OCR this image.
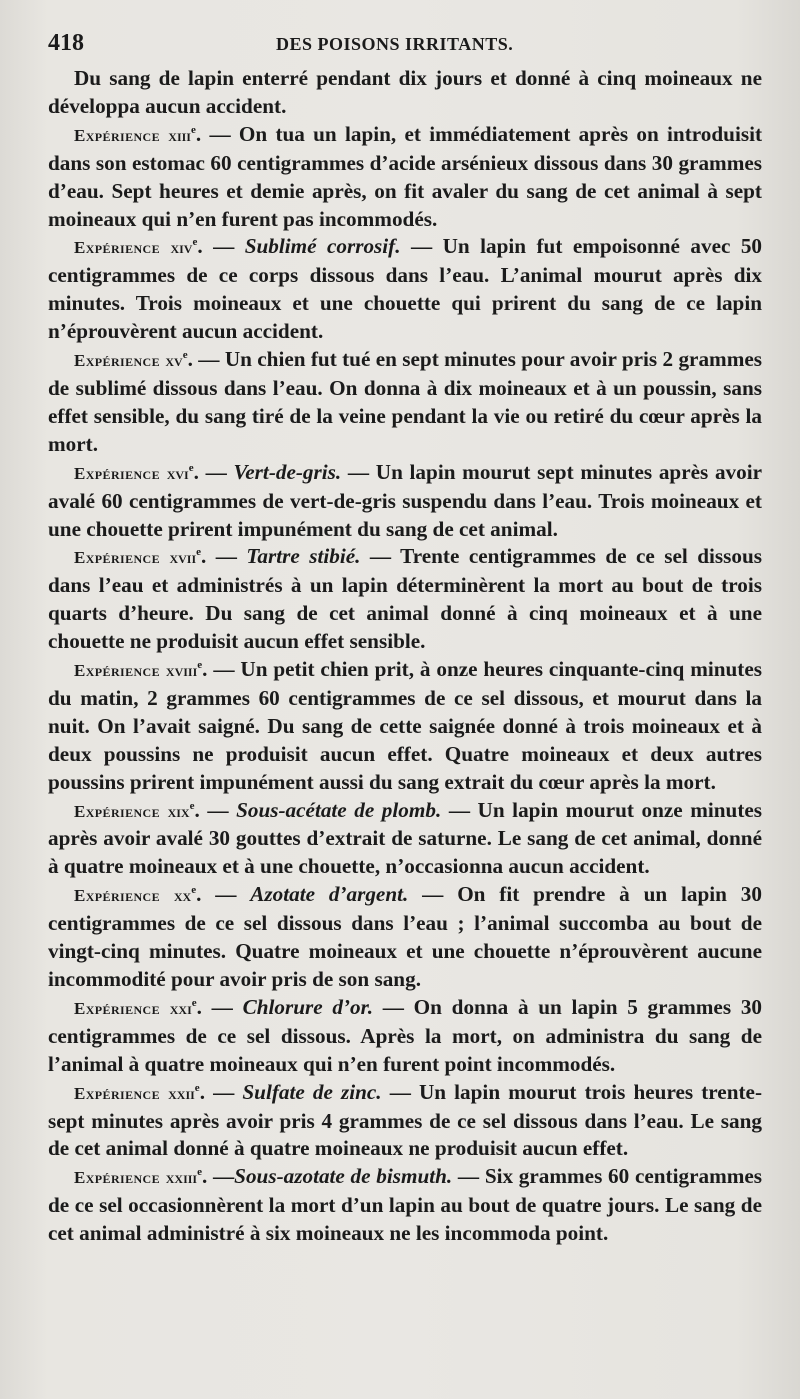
418	DES POISONS IRRITANTS.

Du sang de lapin enterré pendant dix jours et donné à cinq moineaux ne développa aucun accident.

Expérience xiii$^e$. — On tua un lapin, et immédiatement après on introduisit dans son estomac 60 centigrammes d’acide arsénieux dissous dans 30 grammes d’eau. Sept heures et demie après, on fit avaler du sang de cet animal à sept moineaux qui n’en furent pas incommodés.

Expérience xiv$^e$. — Sublimé corrosif. — Un lapin fut empoisonné avec 50 centigrammes de ce corps dissous dans l’eau. L’animal mourut après dix minutes. Trois moineaux et une chouette qui prirent du sang de ce lapin n’éprouvèrent aucun accident.

Expérience $xv^e$. — Un chien fut tué en sept minutes pour avoir pris 2 grammes de sublimé dissous dans l’eau. On donna à dix moineaux et à un poussin, sans effet sensible, du sang tiré de la veine pendant la vie ou retiré du cœur après la mort.

Expérience xvi$^e$. — Vert-de-gris. — Un lapin mourut sept minutes après avoir avalé 60 centigrammes de vert-de-gris suspendu dans l’eau. Trois moineaux et une chouette prirent impunément du sang de cet animal.

Expérience xvii$^e$. — Tartre stibié. — Trente centigrammes de ce sel dissous dans l’eau et administrés à un lapin déterminèrent la mort au bout de trois quarts d’heure. Du sang de cet animal donné à cinq moineaux et à une chouette ne produisit aucun effet sensible.

Expérience xviii$^e$. — Un petit chien prit, à onze heures cinquante-cinq minutes du matin, 2 grammes 60 centigrammes de ce sel dissous, et mourut dans la nuit. On l’avait saigné. Du sang de cette saignée donné à trois moineaux et à deux poussins ne produisit aucun effet. Quatre moineaux et deux autres poussins prirent impunément aussi du sang extrait du cœur après la mort.

Expérience xix$^e$. — Sous-acétate de plomb. — Un lapin mourut onze minutes après avoir avalé 30 gouttes d’extrait de saturne. Le sang de cet animal, donné à quatre moineaux et à une chouette, n’occasionna aucun accident.

Expérience $xx^e$. — Azotate d’argent. — On fit prendre à un lapin 30 centigrammes de ce sel dissous dans l’eau ; l’animal succomba au bout de vingt-cinq minutes. Quatre moineaux et une chouette n’éprouvèrent aucune incommodité pour avoir pris de son sang.

Expérience xxi$^e$. — Chlorure d’or. — On donna à un lapin 5 grammes 30 centigrammes de ce sel dissous. Après la mort, on administra du sang de l’animal à quatre moineaux qui n’en furent point incommodés.

Expérience xxii$^e$. — Sulfate de zinc. — Un lapin mourut trois heures trente-sept minutes après avoir pris 4 grammes de ce sel dissous dans l’eau. Le sang de cet animal donné à quatre moineaux ne produisit aucun effet.

Expérience xxiii$^e$. —Sous-azotate de bismuth. — Six grammes 60 centigrammes de ce sel occasionnèrent la mort d’un lapin au bout de quatre jours. Le sang de cet animal administré à six moineaux ne les incommoda point.
